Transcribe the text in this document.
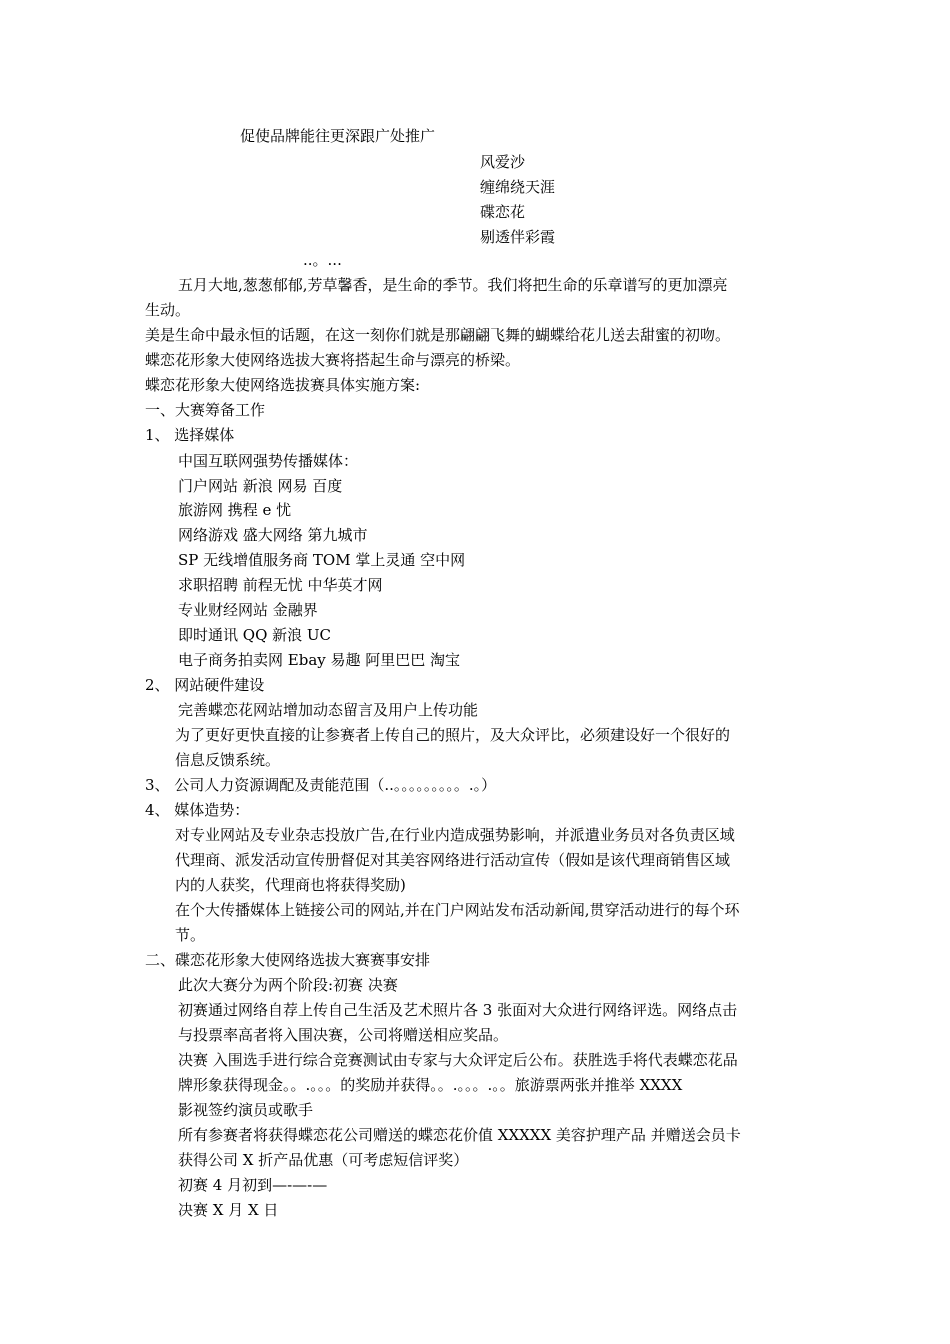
促使品牌能往更深跟广处推广

风爱沙

缠绵绕天涯

碟恋花

剔透伴彩霞

..。...

五月大地,葱葱郁郁,芳草馨香，是生命的季节。我们将把生命的乐章谱写的更加漂亮

生动。

美是生命中最永恒的话题，在这一刻你们就是那翩翩飞舞的蝴蝶给花儿送去甜蜜的初吻。

蝶恋花形象大使网络选拔大赛将搭起生命与漂亮的桥梁。

蝶恋花形象大使网络选拔赛具体实施方案:

一、大赛筹备工作

1、 选择媒体

中国互联网强势传播媒体：

门户网站 新浪 网易 百度

旅游网 携程 e 忧

网络游戏 盛大网络 第九城市

SP 无线增值服务商 TOM 掌上灵通 空中网

求职招聘 前程无忧 中华英才网

专业财经网站 金融界

即时通讯 QQ 新浪 UC

电子商务拍卖网 Ebay 易趣 阿里巴巴 淘宝

2、 网站硬件建设

完善蝶恋花网站增加动态留言及用户上传功能

为了更好更快直接的让参赛者上传自己的照片，及大众评比，必须建设好一个很好的

信息反馈系统。

3、 公司人力资源调配及责能范围（..。。。。。。。。。.。）

4、 媒体造势：

对专业网站及专业杂志投放广告,在行业内造成强势影响，并派遣业务员对各负责区域

代理商、派发活动宣传册督促对其美容网络进行活动宣传（假如是该代理商销售区域

内的人获奖，代理商也将获得奖励)

在个大传播媒体上链接公司的网站,并在门户网站发布活动新闻,贯穿活动进行的每个环

节。

二、碟恋花形象大使网络选拔大赛赛事安排

此次大赛分为两个阶段:初赛 决赛

初赛通过网络自荐上传自己生活及艺术照片各 3 张面对大众进行网络评选。网络点击

与投票率高者将入围决赛，公司将赠送相应奖品。

决赛 入围选手进行综合竞赛测试由专家与大众评定后公布。获胜选手将代表蝶恋花品

牌形象获得现金。。.。。。的奖励并获得。。.。。。.。。旅游票两张并推举 XXXX

影视签约演员或歌手

所有参赛者将获得蝶恋花公司赠送的蝶恋花价值 XXXXX 美容护理产品 并赠送会员卡

获得公司 X 折产品优惠（可考虑短信评奖）

初赛 4 月初到—-—-—

决赛 X 月 X 日
